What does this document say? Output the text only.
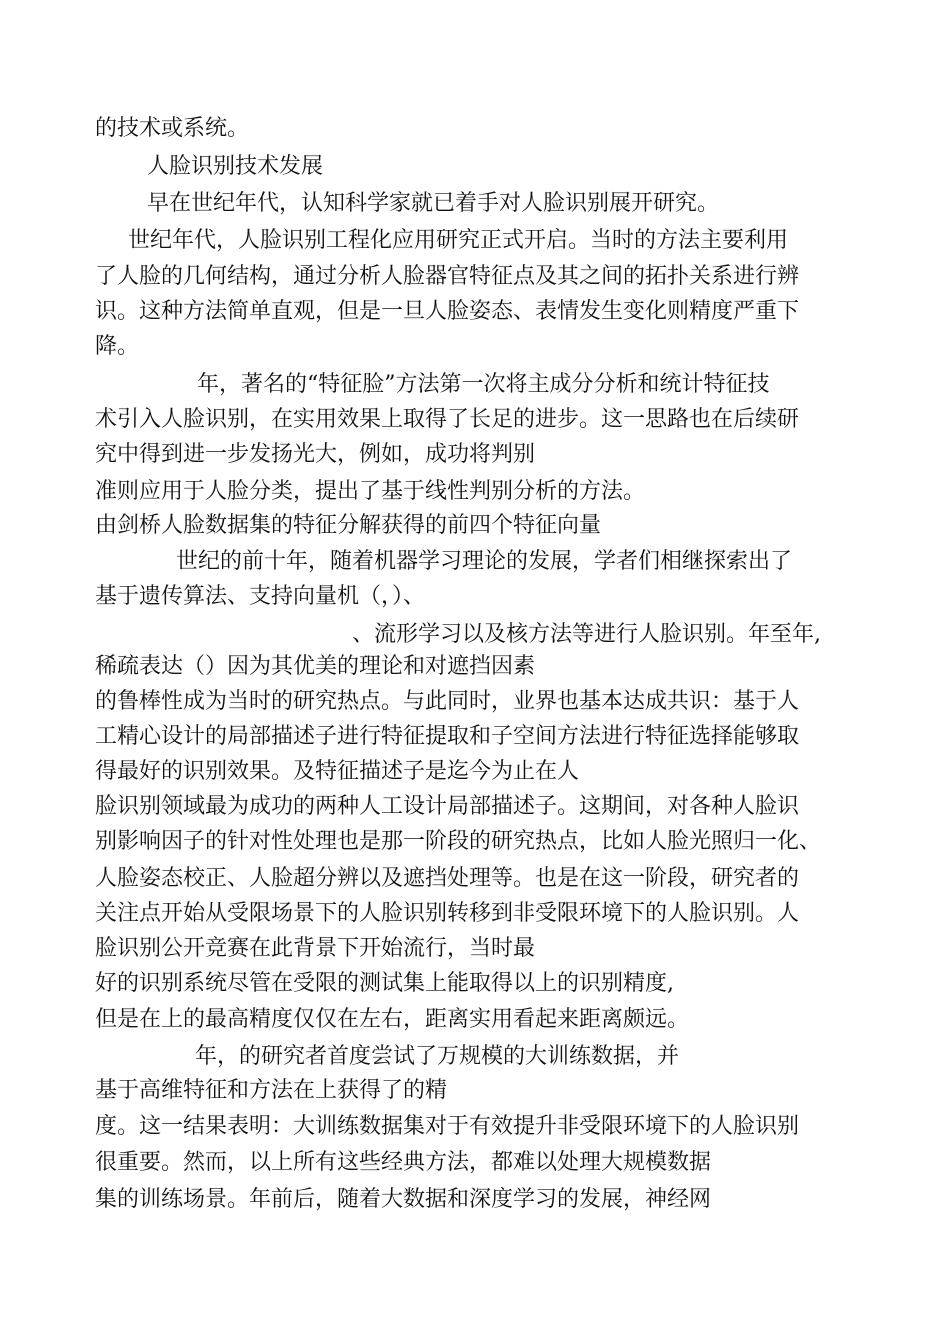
的技术或系统。
人脸识别技术发展
早在世纪年代，认知科学家就已着手对人脸识别展开研究。
世纪年代，人脸识别工程化应用研究正式开启。当时的方法主要利用
了人脸的几何结构，通过分析人脸器官特征点及其之间的拓扑关系进行辨
识。这种方法简单直观，但是一旦人脸姿态、表情发生变化则精度严重下
降。
年，著名的“特征脸”方法第一次将主成分分析和统计特征技
术引入人脸识别，在实用效果上取得了长足的进步。这一思路也在后续研
究中得到进一步发扬光大，例如，成功将判别
准则应用于人脸分类，提出了基于线性判别分析的方法。
由剑桥人脸数据集的特征分解获得的前四个特征向量
世纪的前十年，随着机器学习理论的发展，学者们相继探索出了
基于遗传算法、支持向量机（，）、
、流形学习以及核方法等进行人脸识别。年至年,
稀疏表达（）因为其优美的理论和对遮挡因素
的鲁棒性成为当时的研究热点。与此同时，业界也基本达成共识：基于人
工精心设计的局部描述子进行特征提取和子空间方法进行特征选择能够取
得最好的识别效果。及特征描述子是迄今为止在人
脸识别领域最为成功的两种人工设计局部描述子。这期间，对各种人脸识
别影响因子的针对性处理也是那一阶段的研究热点，比如人脸光照归一化、
人脸姿态校正、人脸超分辨以及遮挡处理等。也是在这一阶段，研究者的
关注点开始从受限场景下的人脸识别转移到非受限环境下的人脸识别。人
脸识别公开竞赛在此背景下开始流行，当时最
好的识别系统尽管在受限的测试集上能取得以上的识别精度,
但是在上的最高精度仅仅在左右，距离实用看起来距离颇远。
年，的研究者首度尝试了万规模的大训练数据，并
基于高维特征和方法在上获得了的精
度。这一结果表明：大训练数据集对于有效提升非受限环境下的人脸识别
很重要。然而，以上所有这些经典方法，都难以处理大规模数据
集的训练场景。年前后，随着大数据和深度学习的发展，神经网
